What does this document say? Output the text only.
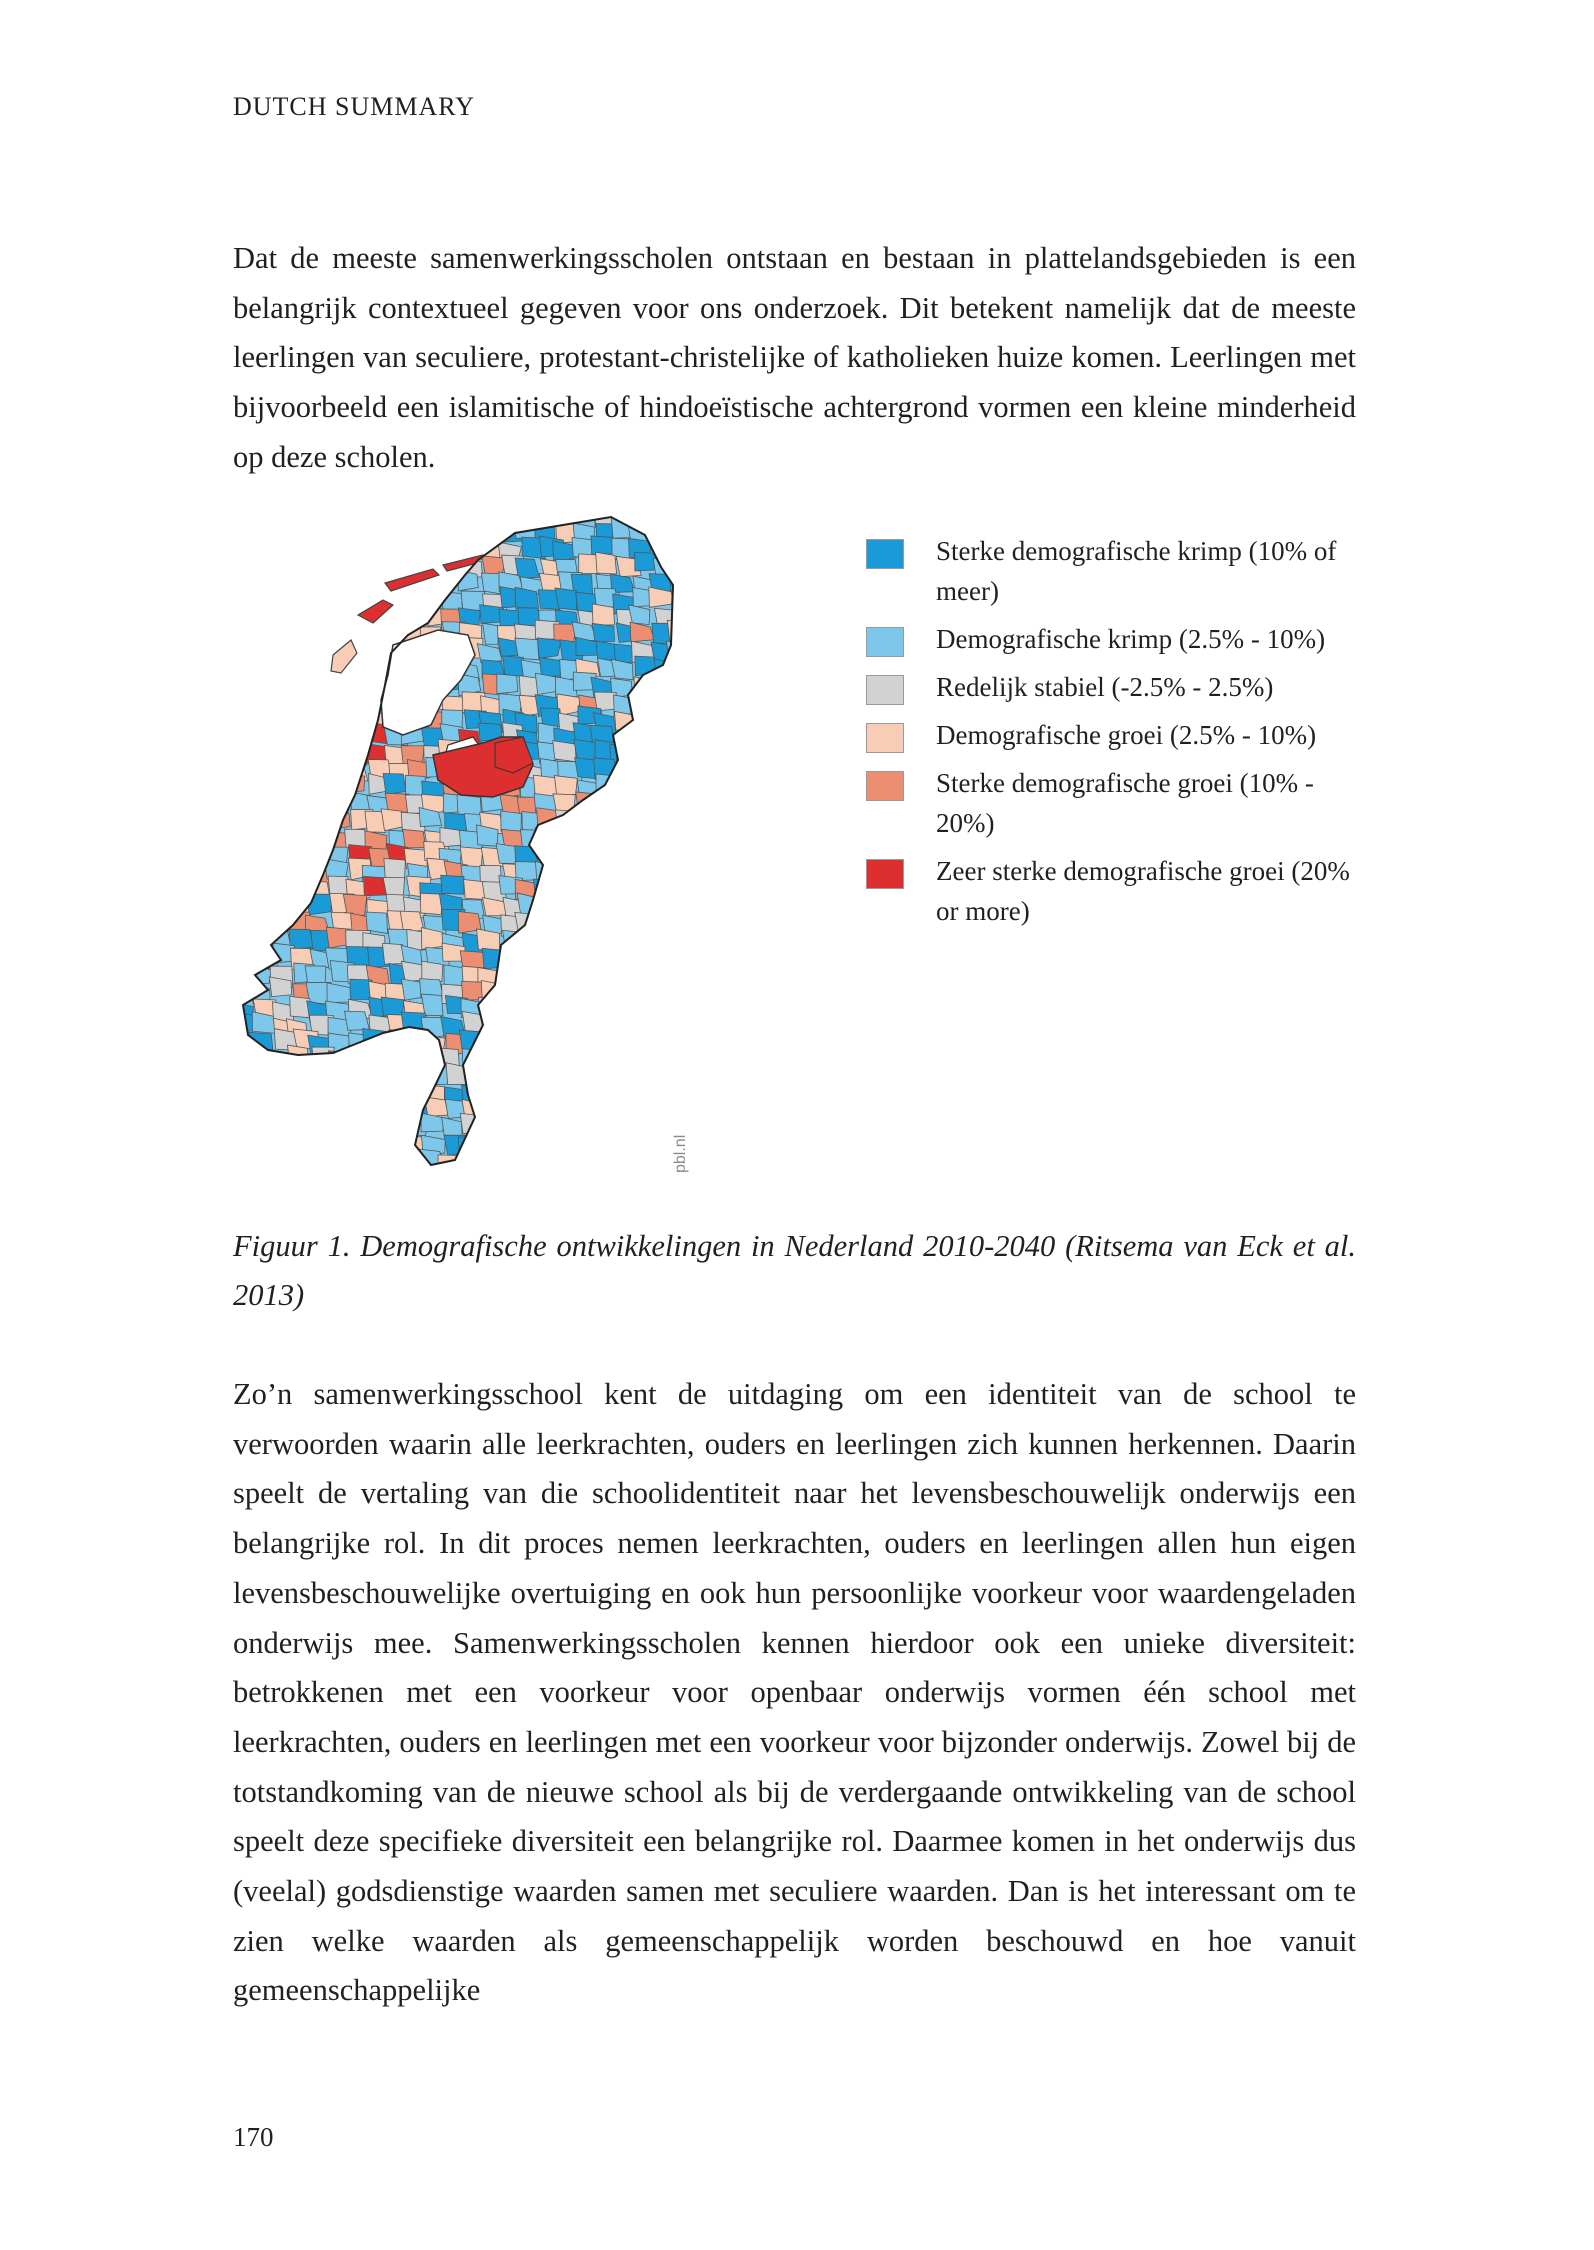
DUTCH SUMMARY

Dat de meeste samenwerkingsscholen ontstaan en bestaan in plattelandsgebieden is een belangrijk contextueel gegeven voor ons onderzoek. Dit betekent namelijk dat de meeste leerlingen van seculiere, protestant-christelijke of katholieken huize komen. Leerlingen met bijvoorbeeld een islamitische of hindoeïstische achtergrond vormen een kleine minderheid op deze scholen.

pbl.nl
Sterke demografische krimp (10% of meer)
Demografische krimp (2.5% - 10%)
Redelijk stabiel (-2.5% - 2.5%)
Demografische groei (2.5% - 10%)
Sterke demografische groei (10% - 20%)
Zeer sterke demografische groei (20% or more)

Figuur 1. Demografische ontwikkelingen in Nederland 2010-2040 (Ritsema van Eck et al. 2013)

Zo’n samenwerkingsschool kent de uitdaging om een identiteit van de school te verwoorden waarin alle leerkrachten, ouders en leerlingen zich kunnen herkennen. Daarin speelt de vertaling van die schoolidentiteit naar het levensbeschouwelijk onderwijs een belangrijke rol. In dit proces nemen leerkrachten, ouders en leerlingen allen hun eigen levensbeschouwelijke overtuiging en ook hun persoonlijke voorkeur voor waardengeladen onderwijs mee. Samenwerkingsscholen kennen hierdoor ook een unieke diversiteit: betrokkenen met een voorkeur voor openbaar onderwijs vormen één school met leerkrachten, ouders en leerlingen met een voorkeur voor bijzonder onderwijs. Zowel bij de totstandkoming van de nieuwe school als bij de verdergaande ontwikkeling van de school speelt deze specifieke diversiteit een belangrijke rol. Daarmee komen in het onderwijs dus (veelal) godsdienstige waarden samen met seculiere waarden. Dan is het interessant om te zien welke waarden als gemeenschappelijk worden beschouwd en hoe vanuit gemeenschappelijke

170
